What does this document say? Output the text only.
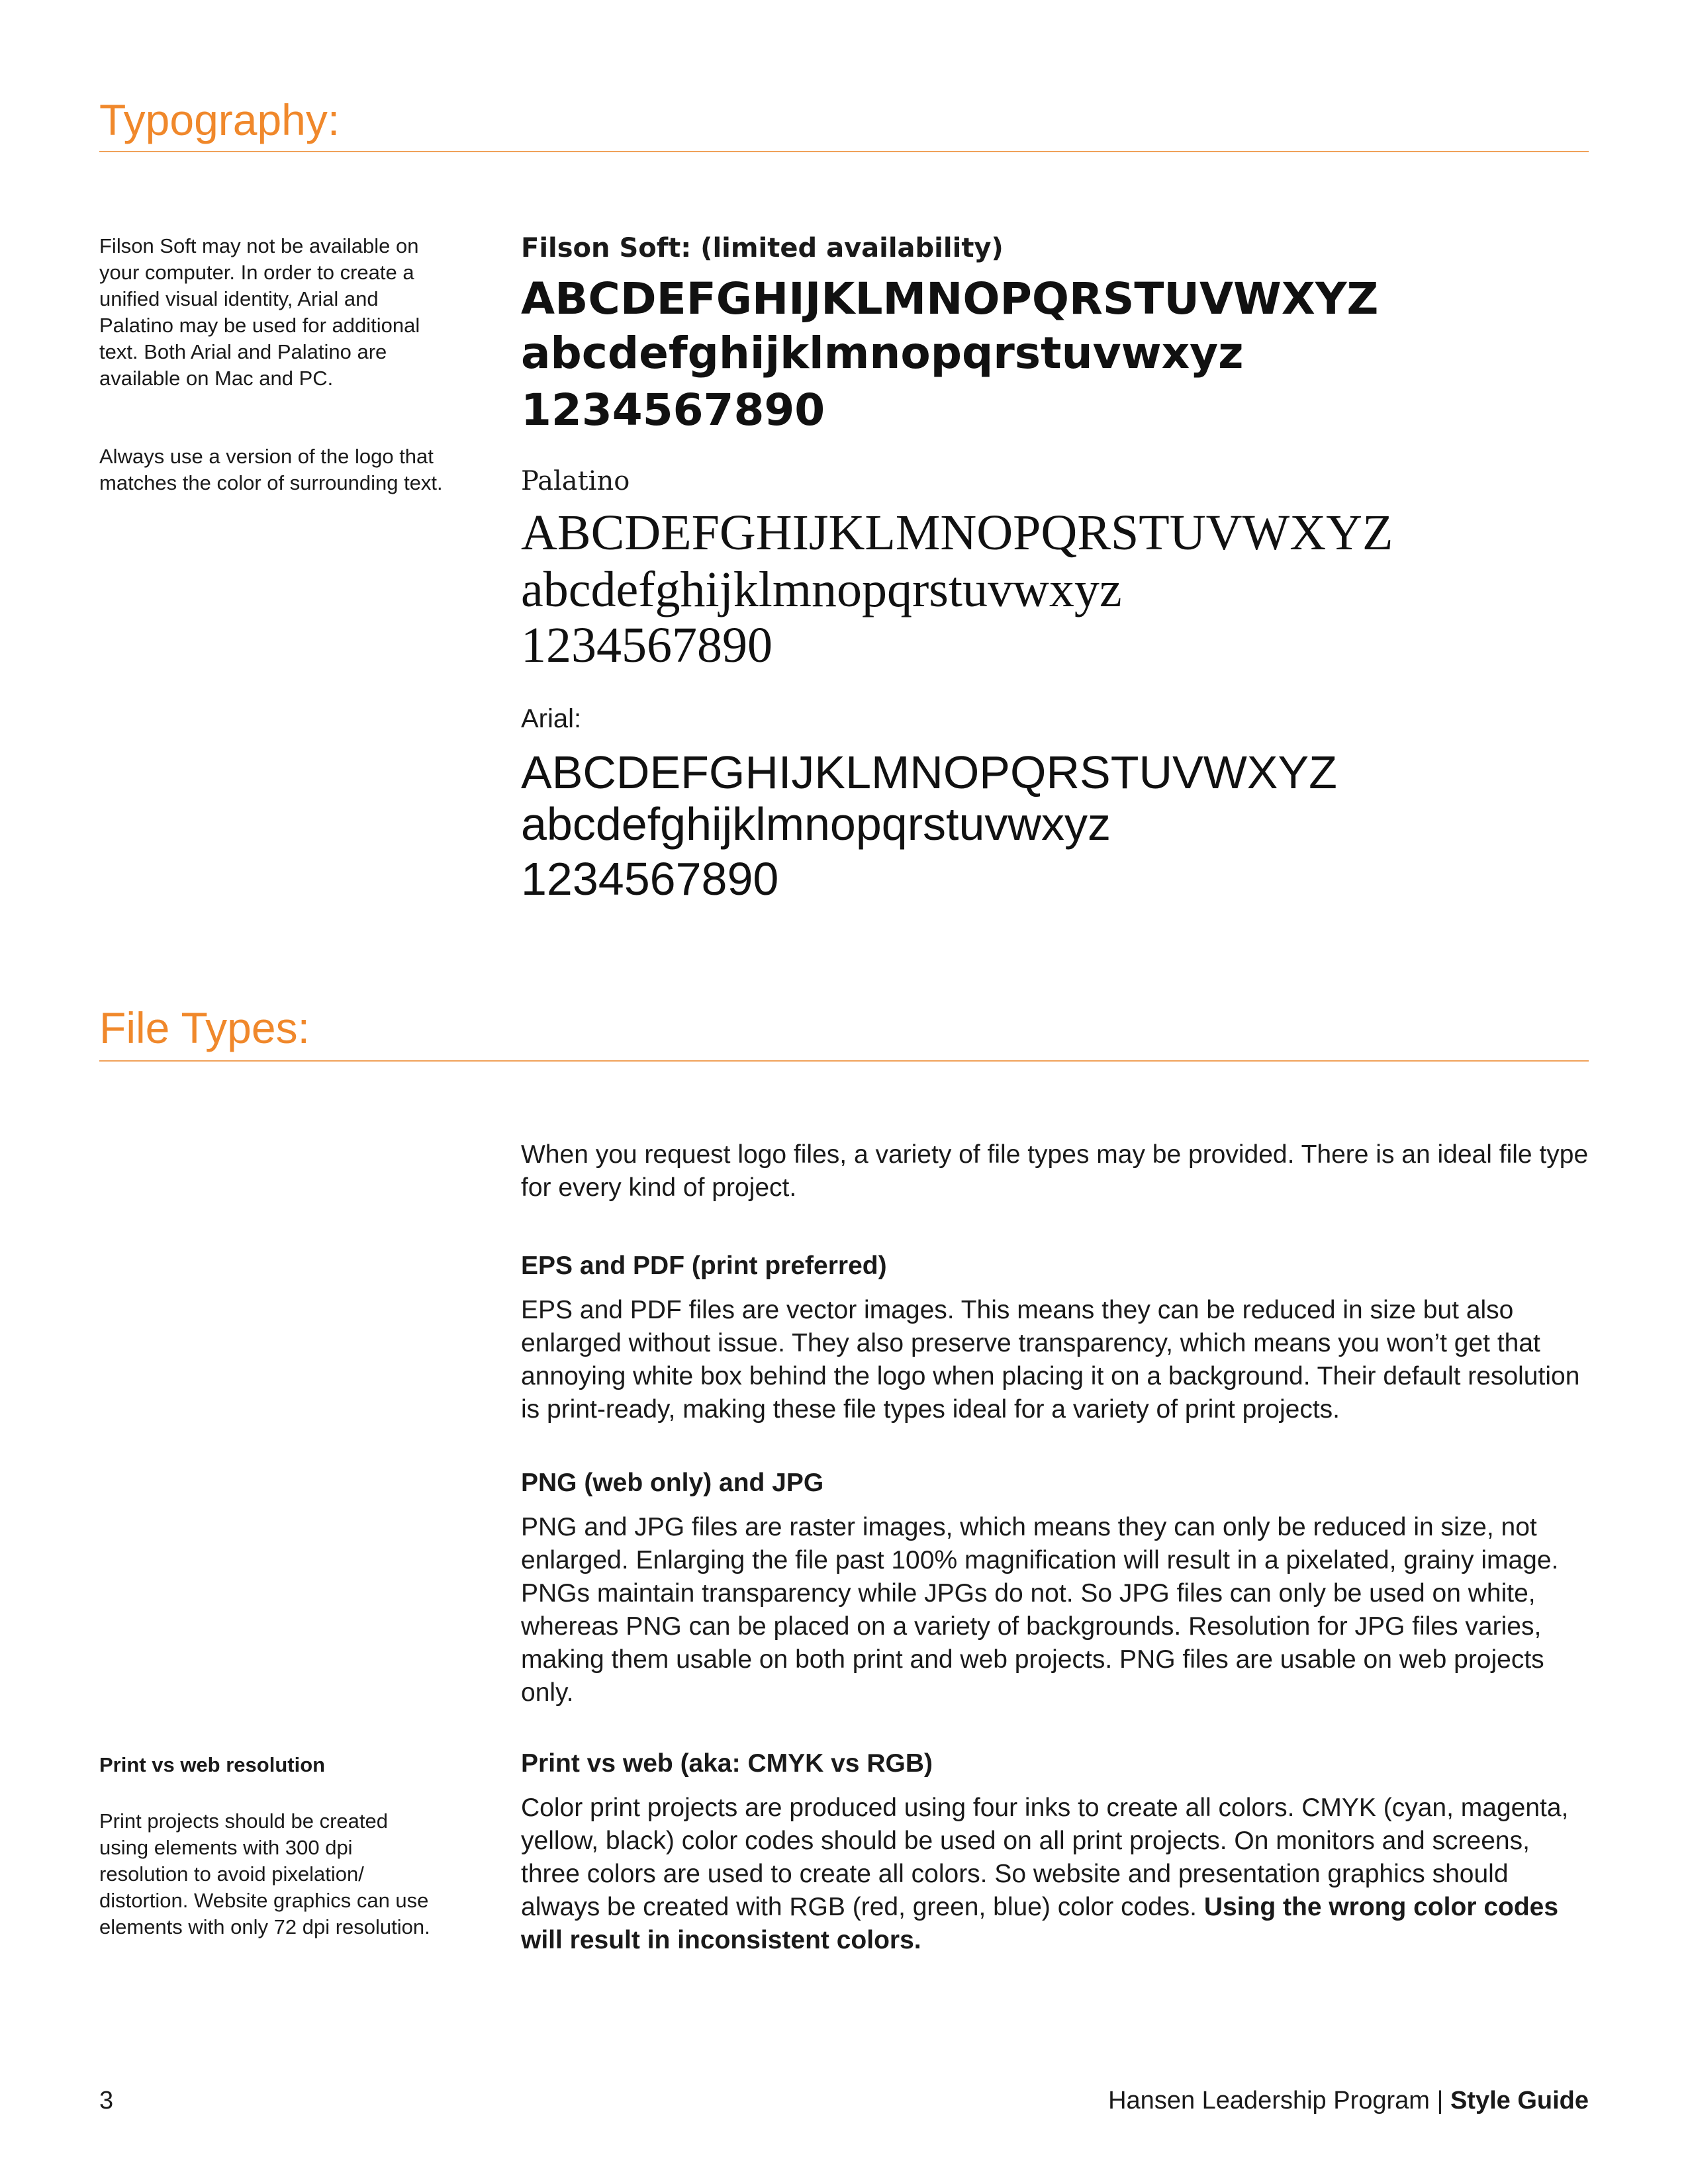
Typography:

Filson Soft may not be available on your computer. In order to create a unified visual identity, Arial and Palatino may be used for additional text. Both Arial and Palatino are available on Mac and PC.

Always use a version of the logo that matches the color of surrounding text.

Filson Soft: (limited availability)

ABCDEFGHIJKLMNOPQRSTUVWXYZ

abcdefghijklmnopqrstuvwxyz

1234567890

Palatino

ABCDEFGHIJKLMNOPQRSTUVWXYZ

abcdefghijklmnopqrstuvwxyz

1234567890

Arial:

ABCDEFGHIJKLMNOPQRSTUVWXYZ

abcdefghijklmnopqrstuvwxyz

1234567890

File Types:

When you request logo files, a variety of file types may be provided. There is an ideal file type for every kind of project.

EPS and PDF (print preferred)

EPS and PDF files are vector images. This means they can be reduced in size but also enlarged without issue. They also preserve transparency, which means you won’t get that annoying white box behind the logo when placing it on a background. Their default resolution is print-ready, making these file types ideal for a variety of print projects.

PNG (web only) and JPG

PNG and JPG files are raster images, which means they can only be reduced in size, not enlarged. Enlarging the file past 100% magnification will result in a pixelated, grainy image. PNGs maintain transparency while JPGs do not. So JPG files can only be used on white, whereas PNG can be placed on a variety of backgrounds. Resolution for JPG files varies, making them usable on both print and web projects. PNG files are usable on web projects only.

Print vs web (aka: CMYK vs RGB)

Color print projects are produced using four inks to create all colors. CMYK (cyan, magenta, yellow, black) color codes should be used on all print projects. On monitors and screens, three colors are used to create all colors. So website and presentation graphics should always be created with RGB (red, green, blue) color codes. Using the wrong color codes will result in inconsistent colors.

Print vs web resolution

Print projects should be created using elements with 300 dpi resolution to avoid pixelation/ distortion. Website graphics can use elements with only 72 dpi resolution.

3	Hansen Leadership Program | Style Guide
